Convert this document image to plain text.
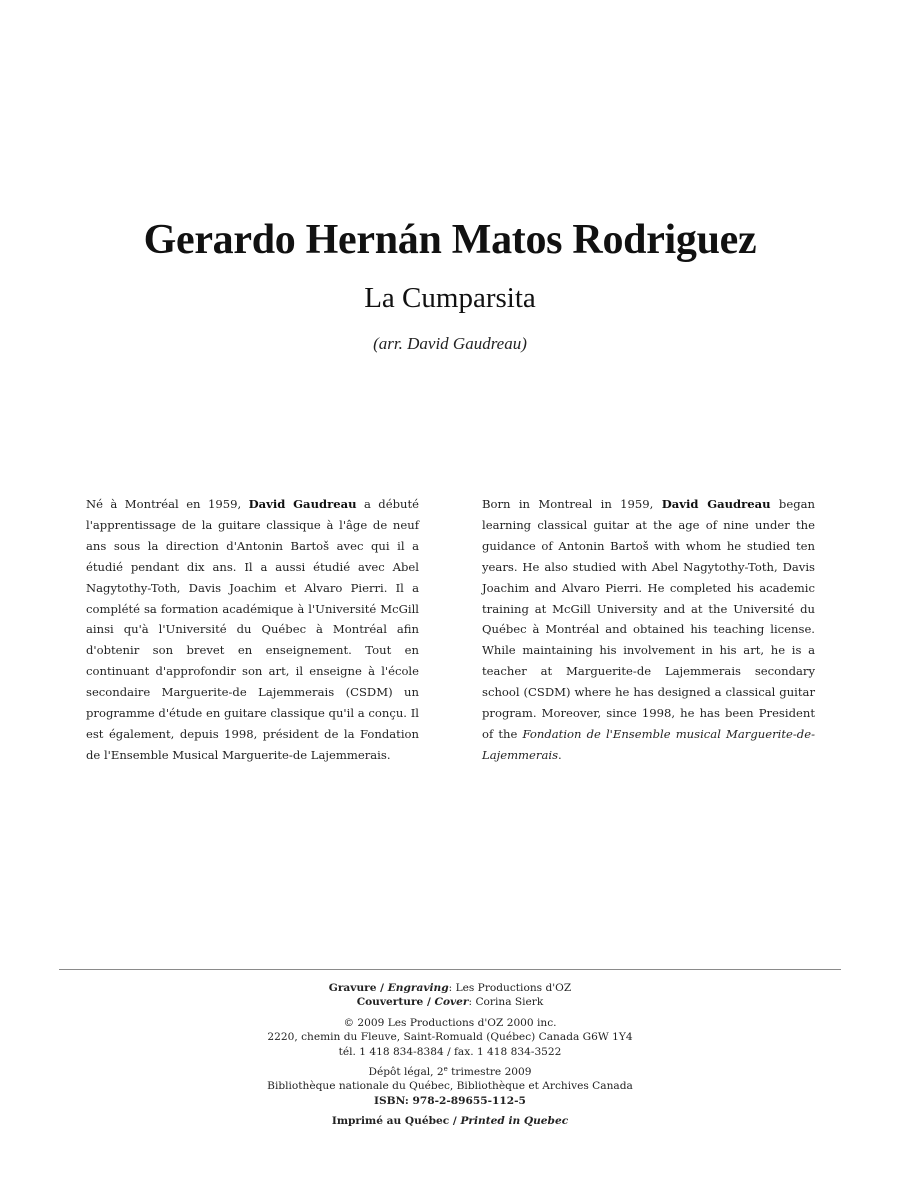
Gerardo Hernán Matos Rodriguez
La Cumparsita
(arr. David Gaudreau)

Né à Montréal en 1959, David Gaudreau a débuté l'apprentissage de la guitare classique à l'âge de neuf ans sous la direction d'Antonin Bartoš avec qui il a étudié pendant dix ans. Il a aussi étudié avec Abel Nagytothy-Toth, Davis Joachim et Alvaro Pierri. Il a complété sa formation académique à l'Université McGill ainsi qu'à l'Université du Québec à Montréal afin d'obtenir son brevet en enseignement. Tout en continuant d'approfondir son art, il enseigne à l'école secondaire Marguerite-de Lajemmerais (CSDM) un programme d'étude en guitare classique qu'il a conçu. Il est également, depuis 1998, président de la Fondation de l'Ensemble Musical Marguerite-de Lajemmerais.

Born in Montreal in 1959, David Gaudreau began learning classical guitar at the age of nine under the guidance of Antonin Bartoš with whom he studied ten years. He also studied with Abel Nagytothy-Toth, Davis Joachim and Alvaro Pierri. He completed his academic training at McGill University and at the Université du Québec à Montréal and obtained his teaching license. While maintaining his involvement in his art, he is a teacher at Marguerite-de Lajemmerais secondary school (CSDM) where he has designed a classical guitar program. Moreover, since 1998, he has been President of the Fondation de l'Ensemble musical Marguerite-de-Lajemmerais.

Gravure / Engraving: Les Productions d'OZ
Couverture / Cover: Corina Sierk
© 2009 Les Productions d'OZ 2000 inc.
2220, chemin du Fleuve, Saint-Romuald (Québec) Canada G6W 1Y4
tél. 1 418 834-8384 / fax. 1 418 834-3522
Dépôt légal, 2e trimestre 2009
Bibliothèque nationale du Québec, Bibliothèque et Archives Canada
ISBN: 978-2-89655-112-5
Imprimé au Québec / Printed in Quebec
